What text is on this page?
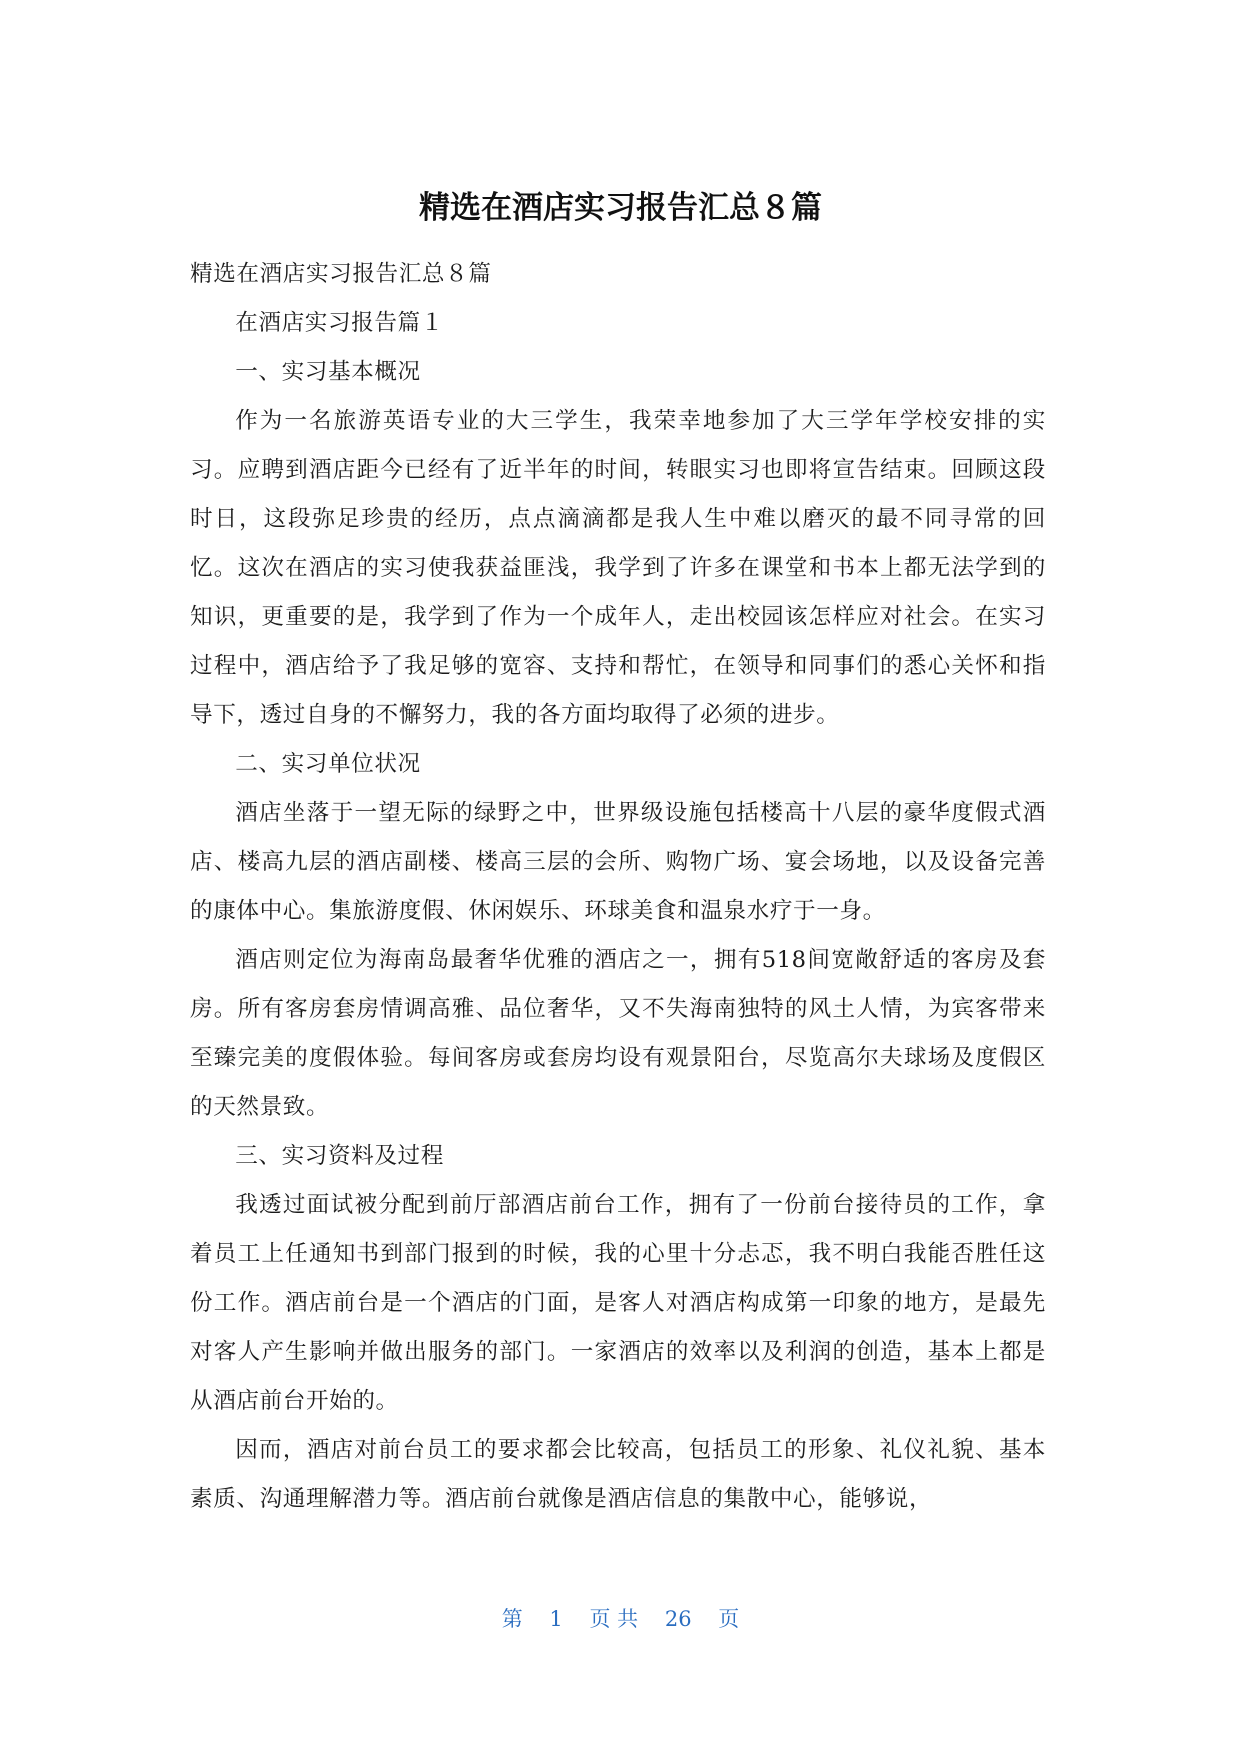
精选在酒店实习报告汇总８篇

精选在酒店实习报告汇总８篇

在酒店实习报告篇１

一、实习基本概况

作为一名旅游英语专业的大三学生，我荣幸地参加了大三学年学校安排的实习。应聘到酒店距今已经有了近半年的时间，转眼实习也即将宣告结束。回顾这段时日，这段弥足珍贵的经历，点点滴滴都是我人生中难以磨灭的最不同寻常的回忆。这次在酒店的实习使我获益匪浅，我学到了许多在课堂和书本上都无法学到的知识，更重要的是，我学到了作为一个成年人，走出校园该怎样应对社会。在实习过程中，酒店给予了我足够的宽容、支持和帮忙，在领导和同事们的悉心关怀和指导下，透过自身的不懈努力，我的各方面均取得了必须的进步。

二、实习单位状况

酒店坐落于一望无际的绿野之中，世界级设施包括楼高十八层的豪华度假式酒店、楼高九层的酒店副楼、楼高三层的会所、购物广场、宴会场地，以及设备完善的康体中心。集旅游度假、休闲娱乐、环球美食和温泉水疗于一身。

酒店则定位为海南岛最奢华优雅的酒店之一，拥有518间宽敞舒适的客房及套房。所有客房套房情调高雅、品位奢华，又不失海南独特的风土人情，为宾客带来至臻完美的度假体验。每间客房或套房均设有观景阳台，尽览高尔夫球场及度假区的天然景致。

三、实习资料及过程

我透过面试被分配到前厅部酒店前台工作，拥有了一份前台接待员的工作，拿着员工上任通知书到部门报到的时候，我的心里十分忐忑，我不明白我能否胜任这份工作。酒店前台是一个酒店的门面，是客人对酒店构成第一印象的地方，是最先对客人产生影响并做出服务的部门。一家酒店的效率以及利润的创造，基本上都是从酒店前台开始的。

因而，酒店对前台员工的要求都会比较高，包括员工的形象、礼仪礼貌、基本素质、沟通理解潜力等。酒店前台就像是酒店信息的集散中心，能够说，

第 1 页 共 26 页
